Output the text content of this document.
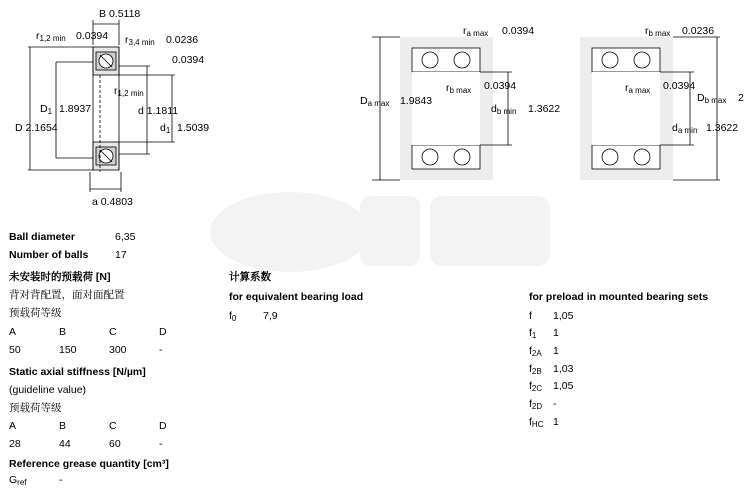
B 0.5118
r1,2 min 0.0394 r3,4 min 0.0236
0.0394
r1,2 min
D1 1.8937	d 1.1811
d1 1.5039
D 2.1654
a 0.4803
ra max 0.0394
Da max 1.9843
rb max 0.0394
db min 1.3622
rb max 0.0236
ra max 0.0394
Db max 2
da min 1.3622
Ball diameter	6,35
Number of balls	17
未安装时的预载荷 [N]
背对背配置，面对面配置
预载荷等级
A	B	C	D
50	150	300	-
Static axial stiffness [N/µm]
(guideline value)
预载荷等级
A	B	C	D
28	44	60	-
Reference grease quantity [cm³]
Gref	-
计算系数
for equivalent bearing load
f0	7,9
for preload in mounted bearing sets
f 1,05
f1 1
f2A 1
f2B 1,03
f2C 1,05
f2D -
fHC 1
